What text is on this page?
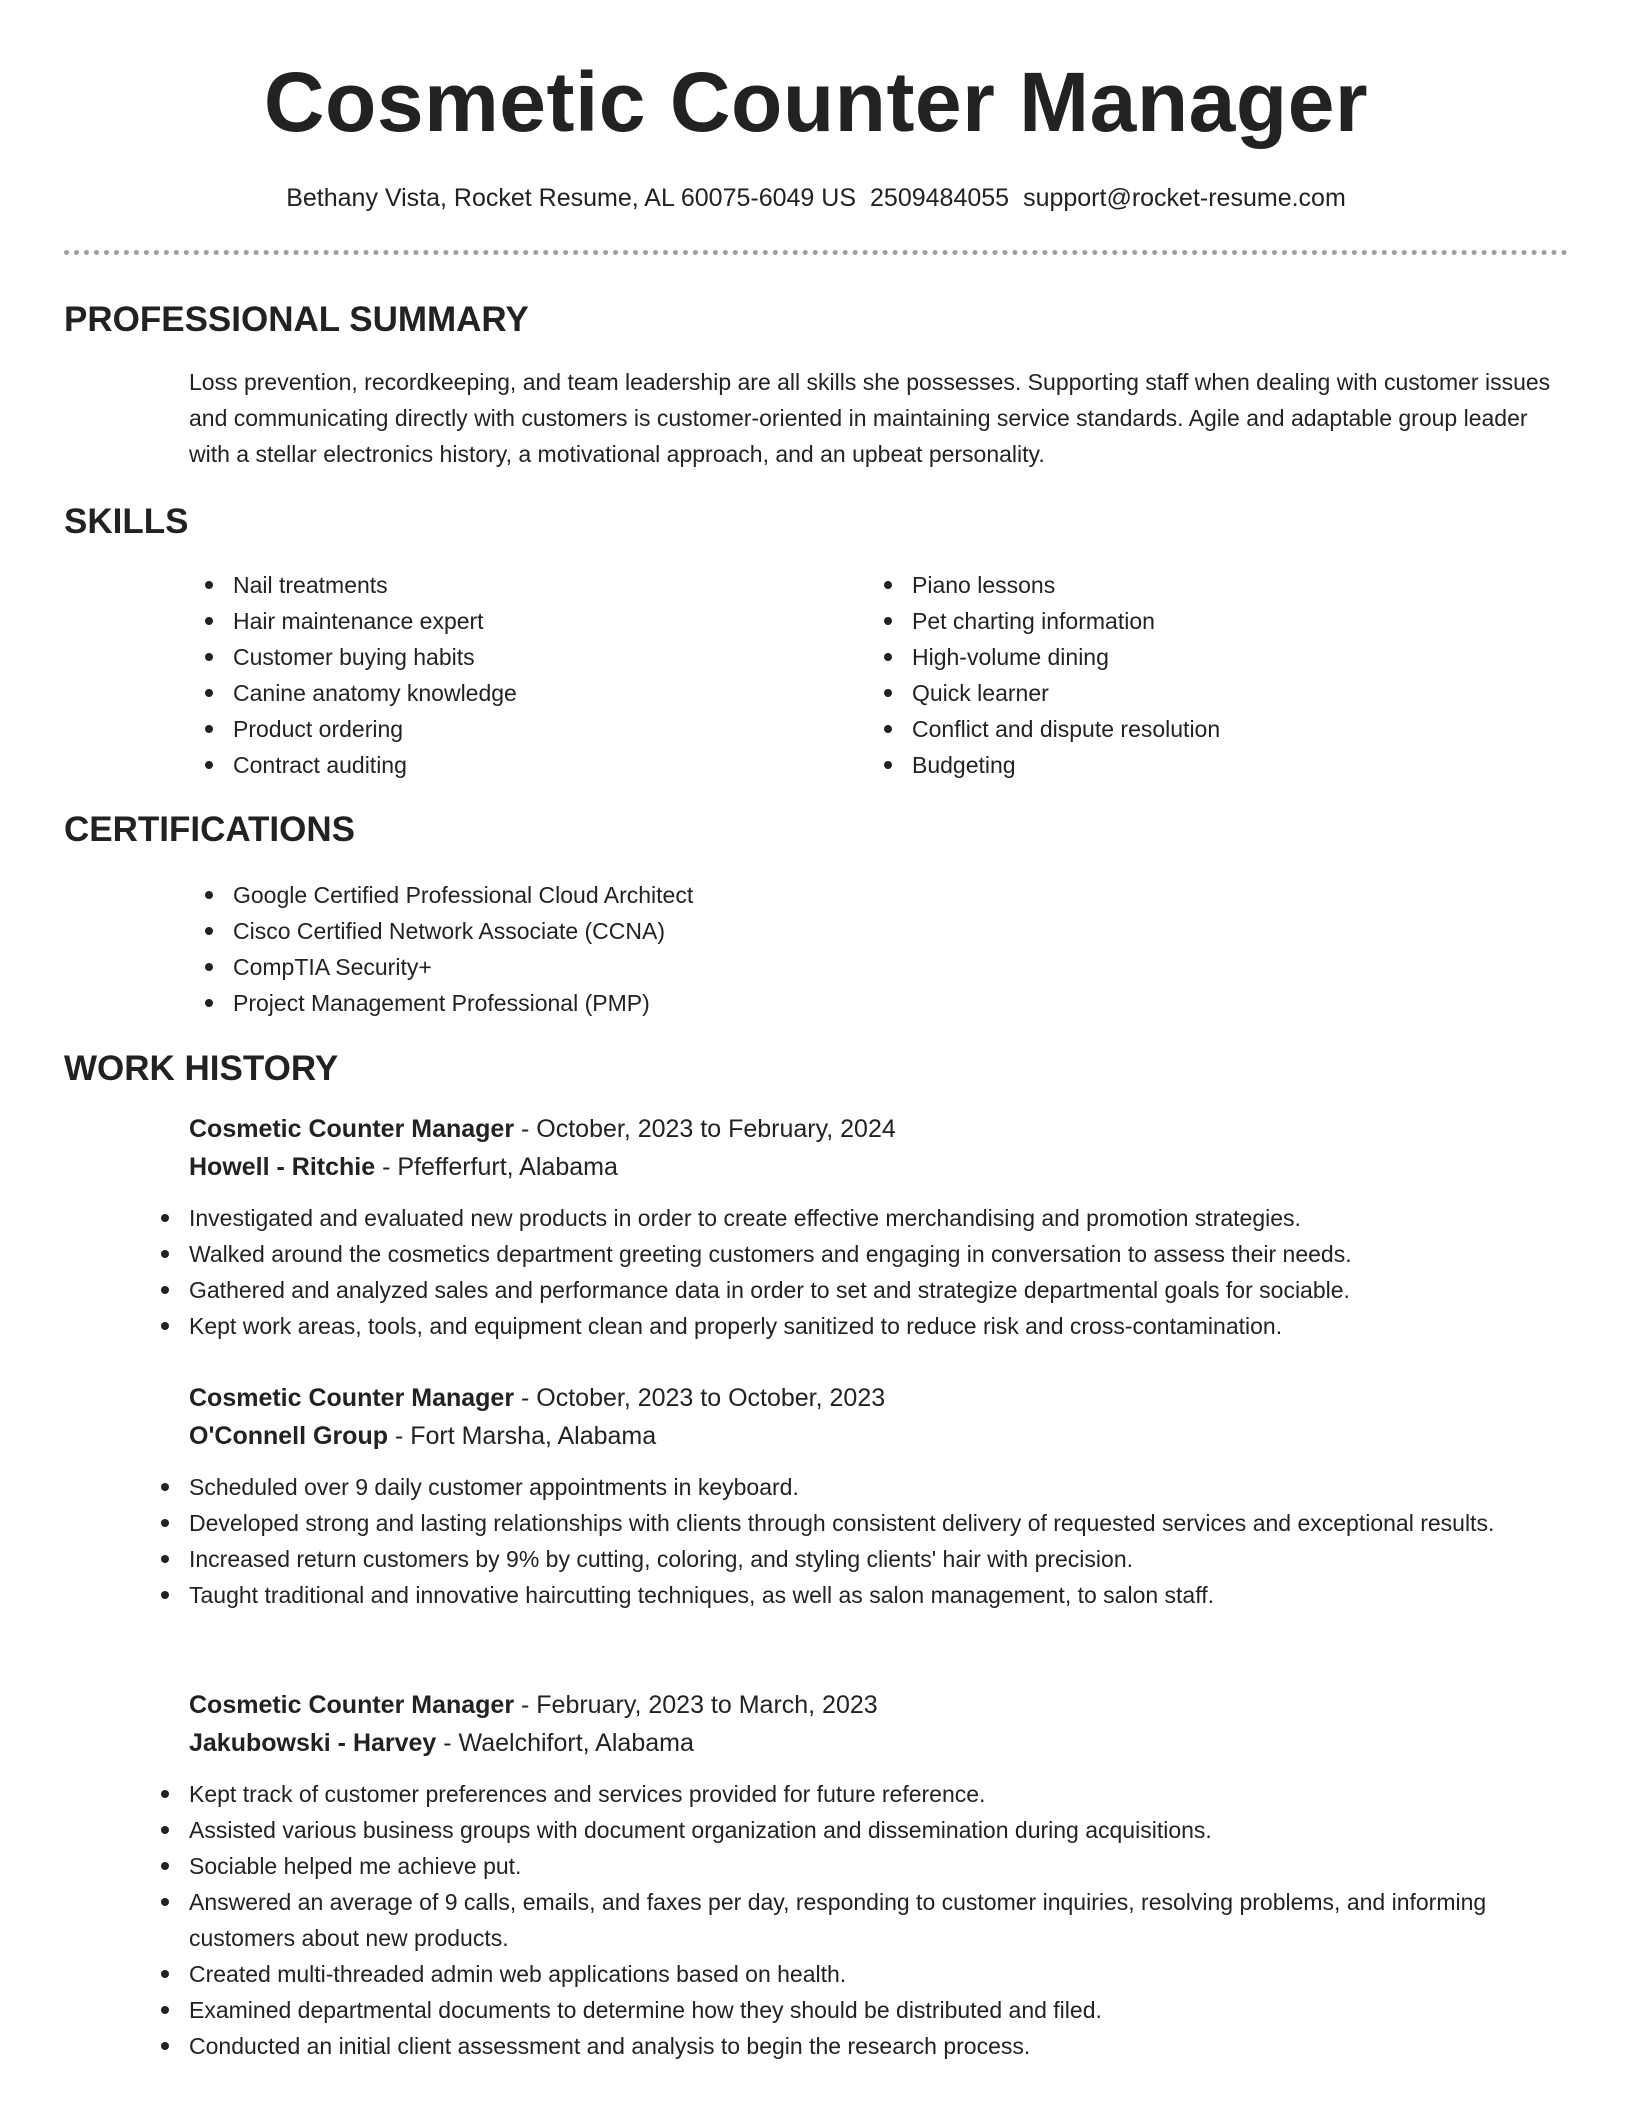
Cosmetic Counter Manager
Bethany Vista, Rocket Resume, AL 60075-6049 US 2509484055 support@rocket-resume.com
PROFESSIONAL SUMMARY
Loss prevention, recordkeeping, and team leadership are all skills she possesses. Supporting staff when dealing with customer issues and communicating directly with customers is customer-oriented in maintaining service standards. Agile and adaptable group leader with a stellar electronics history, a motivational approach, and an upbeat personality.
SKILLS
Nail treatments
Hair maintenance expert
Customer buying habits
Canine anatomy knowledge
Product ordering
Contract auditing
Piano lessons
Pet charting information
High-volume dining
Quick learner
Conflict and dispute resolution
Budgeting
CERTIFICATIONS
Google Certified Professional Cloud Architect
Cisco Certified Network Associate (CCNA)
CompTIA Security+
Project Management Professional (PMP)
WORK HISTORY
Cosmetic Counter Manager - October, 2023 to February, 2024
Howell - Ritchie - Pfefferfurt, Alabama
Investigated and evaluated new products in order to create effective merchandising and promotion strategies.
Walked around the cosmetics department greeting customers and engaging in conversation to assess their needs.
Gathered and analyzed sales and performance data in order to set and strategize departmental goals for sociable.
Kept work areas, tools, and equipment clean and properly sanitized to reduce risk and cross-contamination.
Cosmetic Counter Manager - October, 2023 to October, 2023
O'Connell Group - Fort Marsha, Alabama
Scheduled over 9 daily customer appointments in keyboard.
Developed strong and lasting relationships with clients through consistent delivery of requested services and exceptional results.
Increased return customers by 9% by cutting, coloring, and styling clients' hair with precision.
Taught traditional and innovative haircutting techniques, as well as salon management, to salon staff.
Cosmetic Counter Manager - February, 2023 to March, 2023
Jakubowski - Harvey - Waelchifort, Alabama
Kept track of customer preferences and services provided for future reference.
Assisted various business groups with document organization and dissemination during acquisitions.
Sociable helped me achieve put.
Answered an average of 9 calls, emails, and faxes per day, responding to customer inquiries, resolving problems, and informing customers about new products.
Created multi-threaded admin web applications based on health.
Examined departmental documents to determine how they should be distributed and filed.
Conducted an initial client assessment and analysis to begin the research process.
